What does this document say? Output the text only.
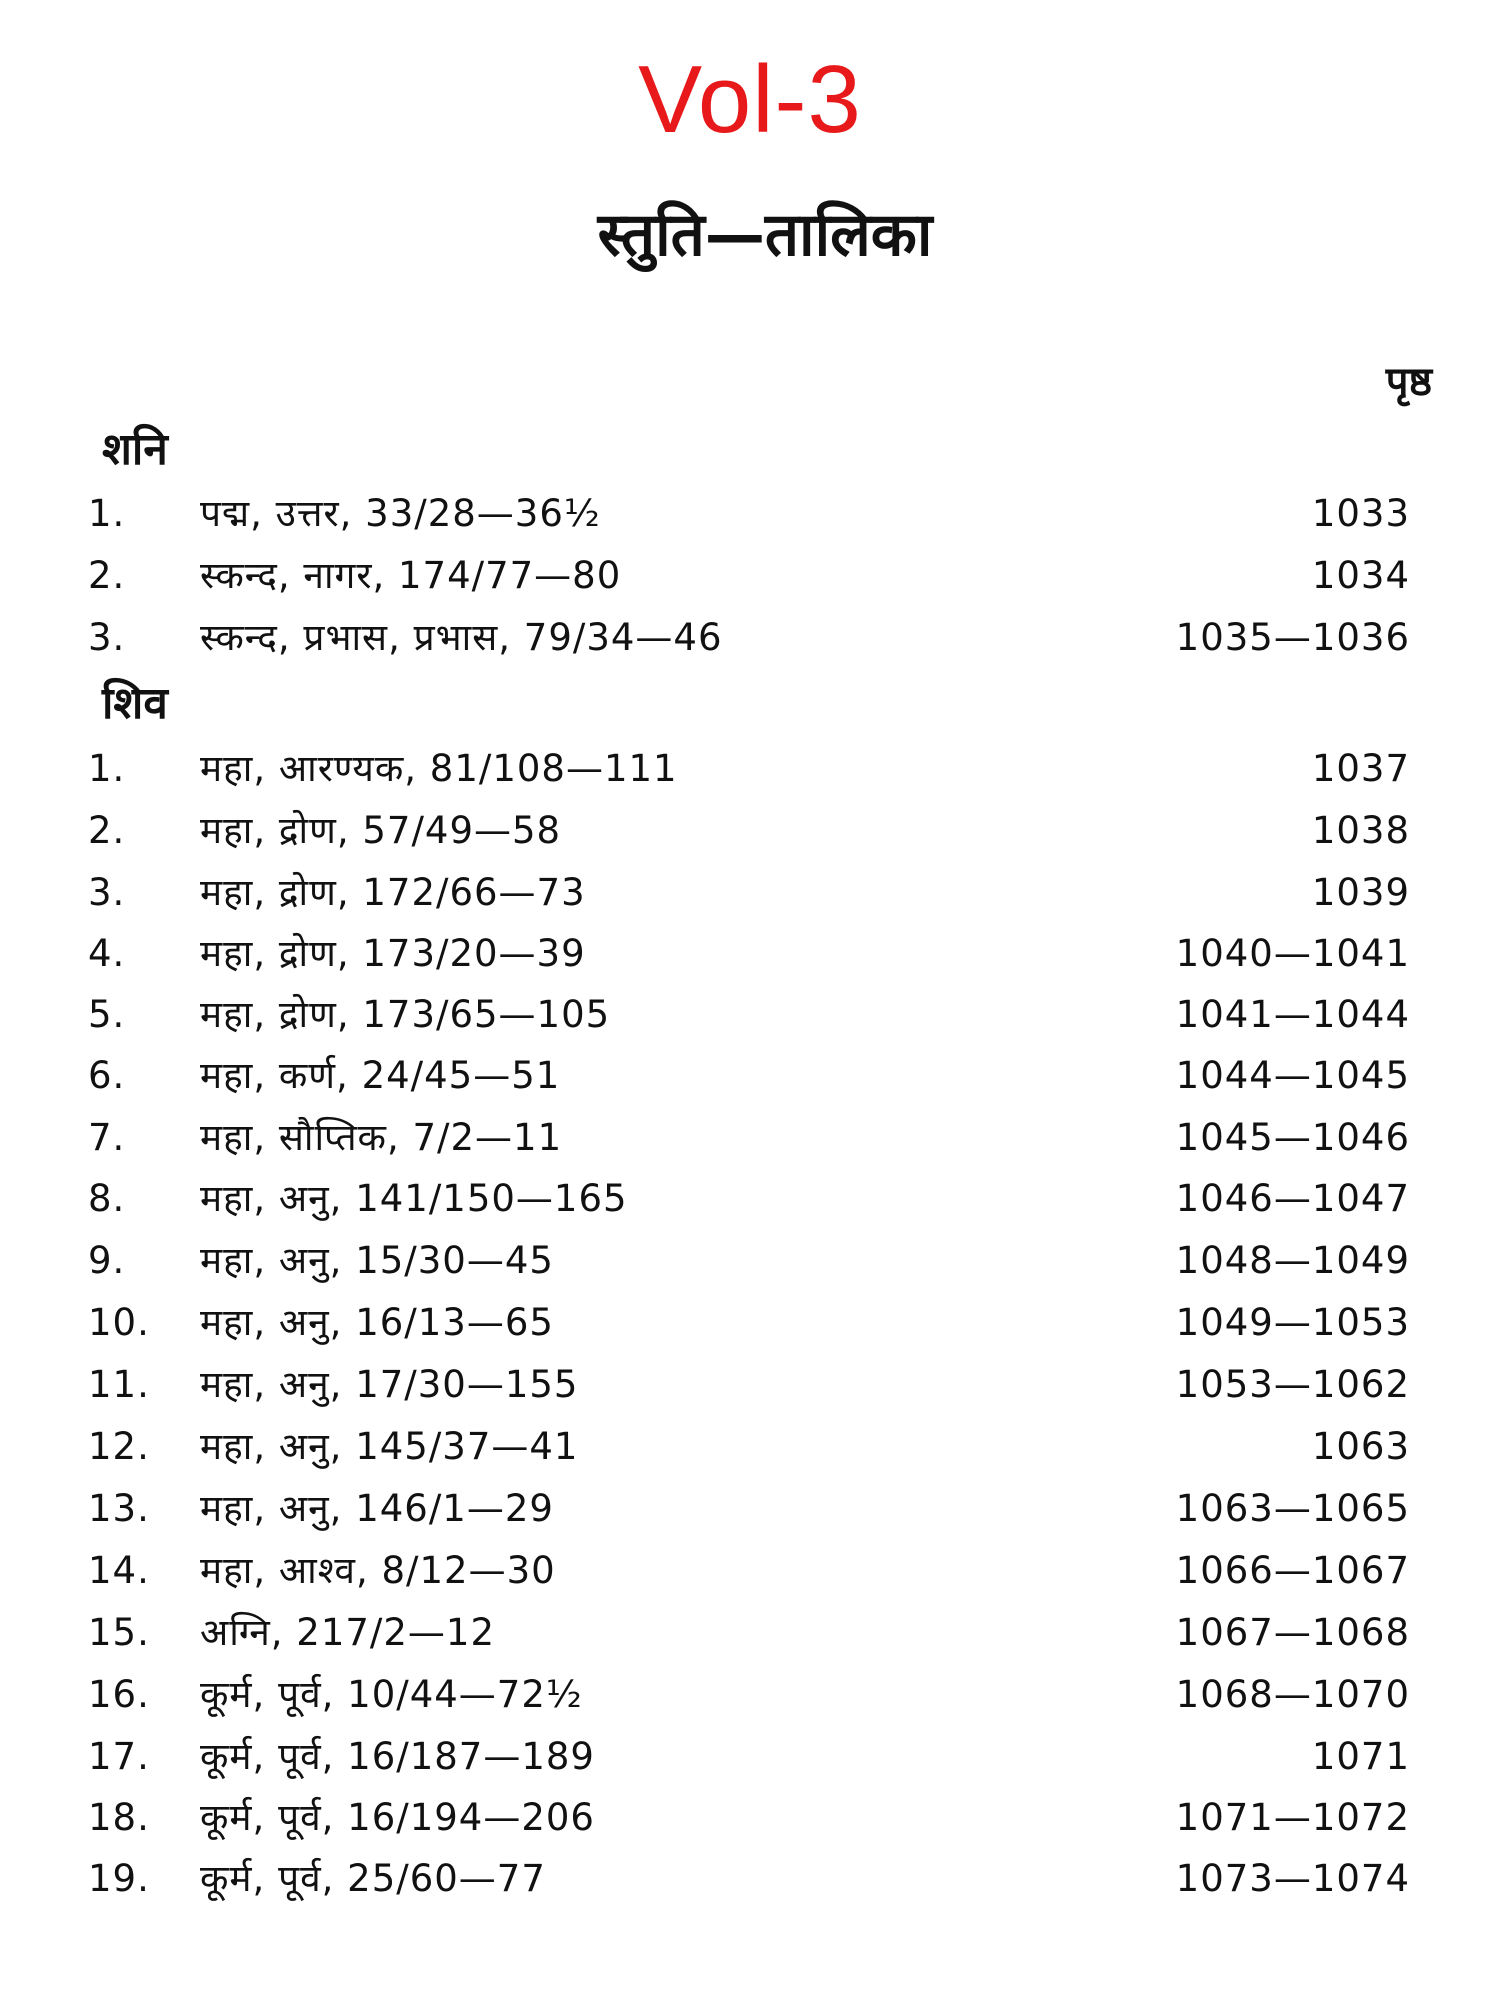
Vol-3
स्तुति—तालिका
पृष्ठ
शनि
1. पद्म, उत्तर, 33/28—36½	1033
2. स्कन्द, नागर, 174/77—80	1034
3. स्कन्द, प्रभास, प्रभास, 79/34—46	1035—1036
शिव
1. महा, आरण्यक, 81/108—111	1037
2. महा, द्रोण, 57/49—58	1038
3. महा, द्रोण, 172/66—73	1039
4. महा, द्रोण, 173/20—39	1040—1041
5. महा, द्रोण, 173/65—105	1041—1044
6. महा, कर्ण, 24/45—51	1044—1045
7. महा, सौप्तिक, 7/2—11	1045—1046
8. महा, अनु, 141/150—165	1046—1047
9. महा, अनु, 15/30—45	1048—1049
10. महा, अनु, 16/13—65	1049—1053
11. महा, अनु, 17/30—155	1053—1062
12. महा, अनु, 145/37—41	1063
13. महा, अनु, 146/1—29	1063—1065
14. महा, आश्व, 8/12—30	1066—1067
15. अग्नि, 217/2—12	1067—1068
16. कूर्म, पूर्व, 10/44—72½	1068—1070
17. कूर्म, पूर्व, 16/187—189	1071
18. कूर्म, पूर्व, 16/194—206	1071—1072
19. कूर्म, पूर्व, 25/60—77	1073—1074
